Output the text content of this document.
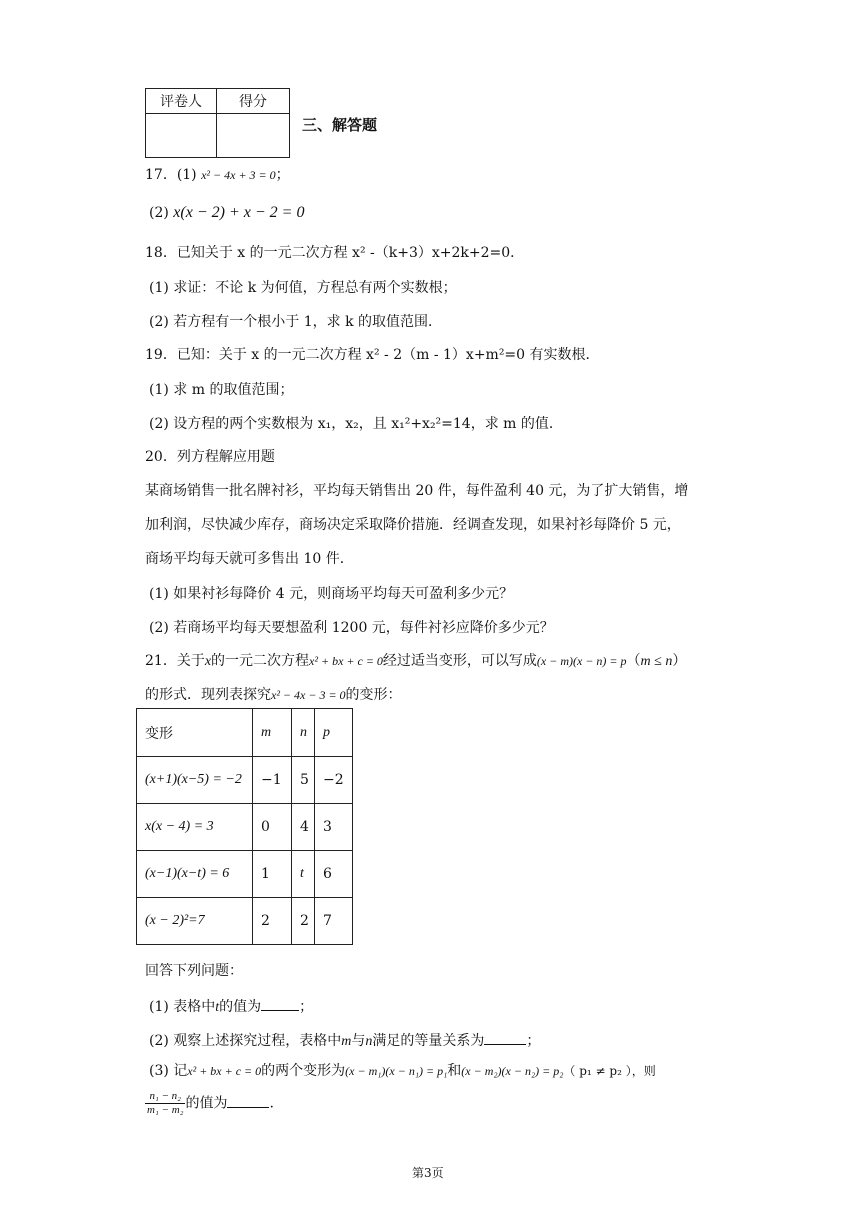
评卷人	得分

三、解答题
17．(1) x² − 4x + 3 = 0；
(2) x(x − 2) + x − 2 = 0
18．已知关于 x 的一元二次方程 x² -（k+3）x+2k+2=0．
(1) 求证：不论 k 为何值，方程总有两个实数根；
(2) 若方程有一个根小于 1，求 k 的取值范围．
19．已知：关于 x 的一元二次方程 x² - 2（m - 1）x+m²=0 有实数根．
(1) 求 m 的取值范围；
(2) 设方程的两个实数根为 x₁，x₂，且 x₁²+x₂²=14，求 m 的值．
20．列方程解应用题
某商场销售一批名牌衬衫，平均每天销售出 20 件，每件盈利 40 元，为了扩大销售，增
加利润，尽快减少库存，商场决定采取降价措施．经调查发现，如果衬衫每降价 5 元，
商场平均每天就可多售出 10 件．
(1) 如果衬衫每降价 4 元，则商场平均每天可盈利多少元？
(2) 若商场平均每天要想盈利 1200 元，每件衬衫应降价多少元？
21．关于x的一元二次方程x² + bx + c = 0经过适当变形，可以写成(x − m)(x − n) = p（m ≤ n）
的形式．现列表探究x² − 4x − 3 = 0的变形：
变形	m	n	p
(x+1)(x−5) = −2	−1	5	−2
x(x − 4) = 3	0	4	3
(x−1)(x−t) = 6	1	t	6
(x − 2)²=7	2	2	7
回答下列问题：
(1) 表格中t的值为	；
(2) 观察上述探究过程，表格中m与n满足的等量关系为	；
(3) 记x² + bx + c = 0的两个变形为(x − m₁)(x − n₁) = p₁和(x − m₂)(x − n₂) = p₂（ p₁ ≠ p₂ ），则
$\frac{\text{n₁ − n₂}}{\text{m₁ − m₂}}$ 的值为	.
第3页
